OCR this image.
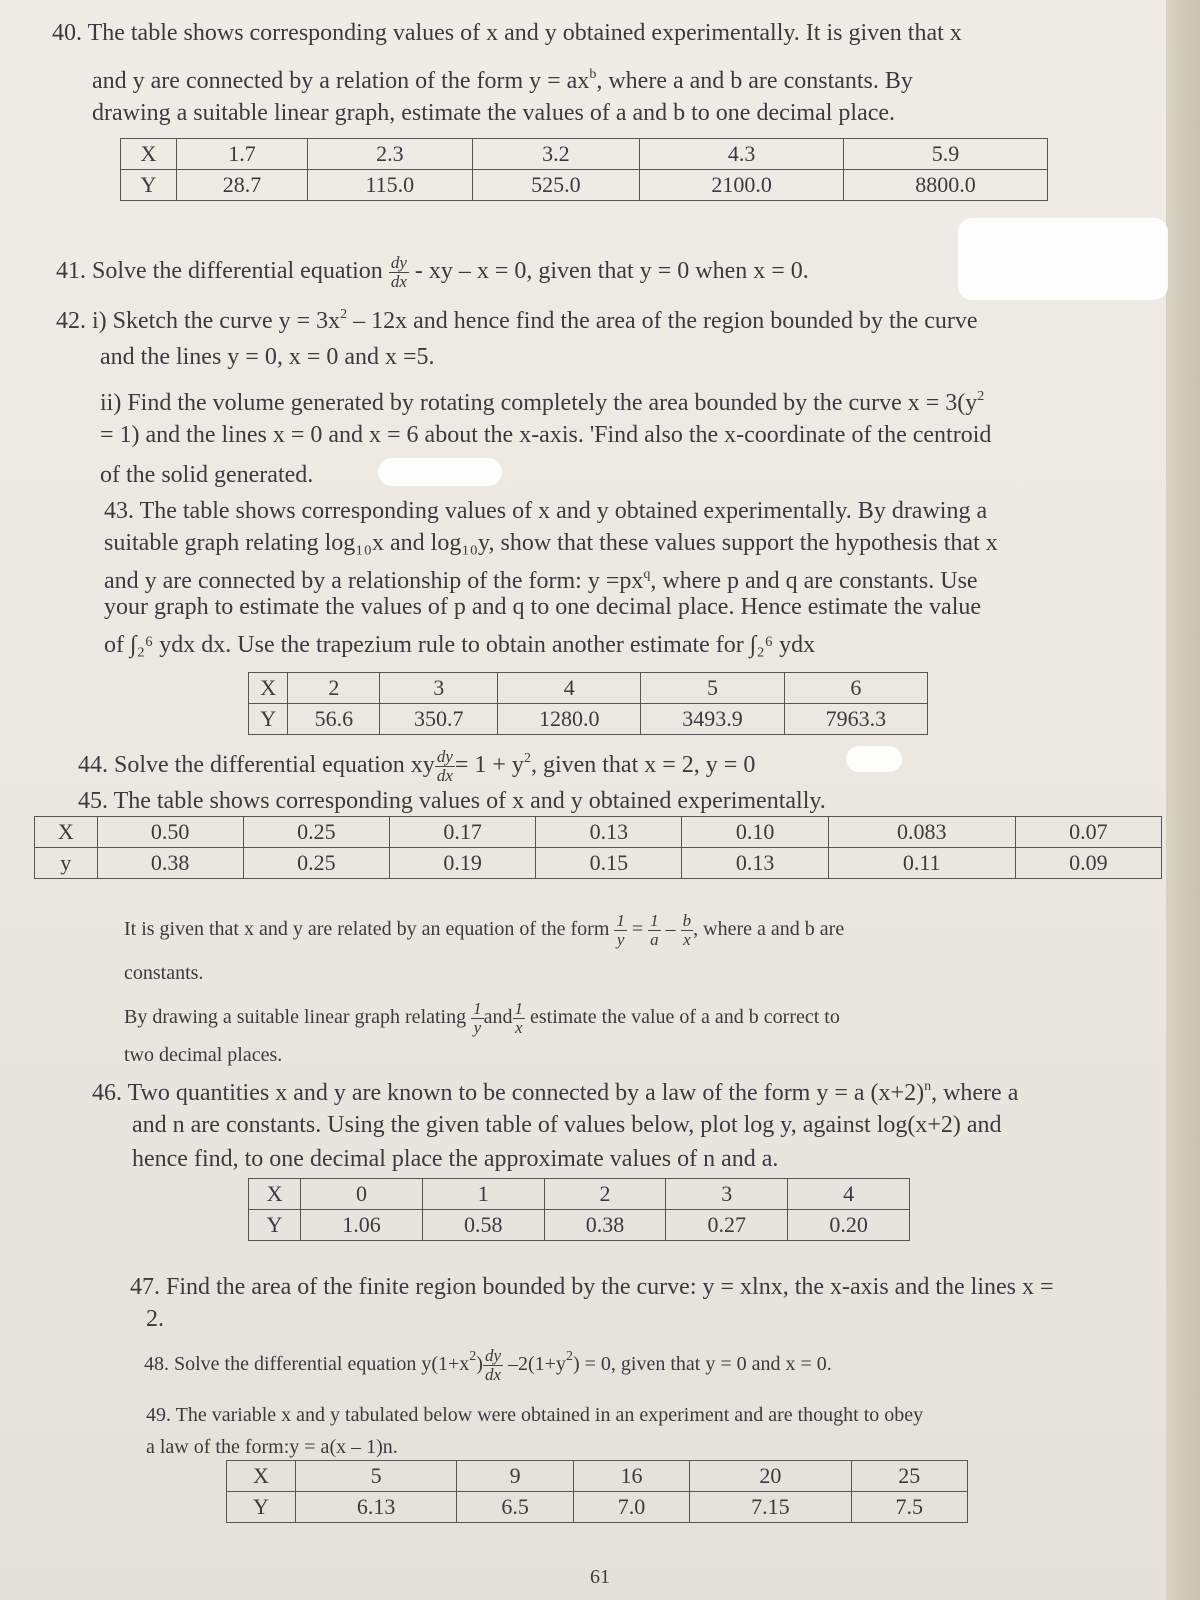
40. The table shows corresponding values of x and y obtained experimentally. It is given that x
and y are connected by a relation of the form $y = ax^b$, where a and b are constants. By
drawing a suitable linear graph, estimate the values of a and b to one decimal place.
X	1.7	2.3	3.2	4.3	5.9
Y	28.7	115.0	525.0	2100.0	8800.0
41. Solve the differential equation $\frac{dy}{dx}$ - xy – x = 0, given that y = 0 when x = 0.
42. i) Sketch the curve $y = 3x^2 - 12x$ and hence find the area of the region bounded by the curve
and the lines y = 0, x = 0 and x =5.
ii) Find the volume generated by rotating completely the area bounded by the curve $x = 3(y^2$
= 1) and the lines x = 0 and x = 6 about the x-axis. 'Find also the x-coordinate of the centroid
of the solid generated.
43. The table shows corresponding values of x and y obtained experimentally. By drawing a
suitable graph relating log₁₀x and log₁₀y, show that these values support the hypothesis that x
and y are connected by a relationship of the form: $y =px^q$, where p and q are constants. Use
your graph to estimate the values of p and q to one decimal place. Hence estimate the value
of ∫₂⁶ ydx dx. Use the trapezium rule to obtain another estimate for ∫₂⁶ ydx
X	2	3	4	5	6
Y	56.6	350.7	1280.0	3493.9	7963.3
44. Solve the differential equation xy $\frac{dy}{dx} = 1 + y^2$, given that x = 2, y = 0
45. The table shows corresponding values of x and y obtained experimentally.
X	0.50	0.25	0.17	0.13	0.10	0.083	0.07
y	0.38	0.25	0.19	0.15	0.13	0.11	0.09
It is given that x and y are related by an equation of the form $\frac{1}{y} = \frac{1}{a} - \frac{b}{x}$ , where a and b are
constants.
By drawing a suitable linear graph relating $\frac{1}{y}$ and $\frac{1}{x}$ estimate the value of a and b correct to
two decimal places.
46. Two quantities x and y are known to be connected by a law of the form y = a $(x+2)^n$, where a
and n are constants. Using the given table of values below, plot log y, against log(x+2) and
hence find, to one decimal place the approximate values of n and a.
X	0	1	2	3	4
Y	1.06	0.58	0.38	0.27	0.20
47. Find the area of the finite region bounded by the curve: y = xlnx, the x-axis and the lines x =
2.
48. Solve the differential equation $y(1+x^2) \frac{dy}{dx} -2(1+y^2) = 0$, given that y = 0 and x = 0.
49. The variable x and y tabulated below were obtained in an experiment and are thought to obey
a law of the form:y = a(x – 1)n.
X	5	9	16	20	25
Y	6.13	6.5	7.0	7.15	7.5
61
